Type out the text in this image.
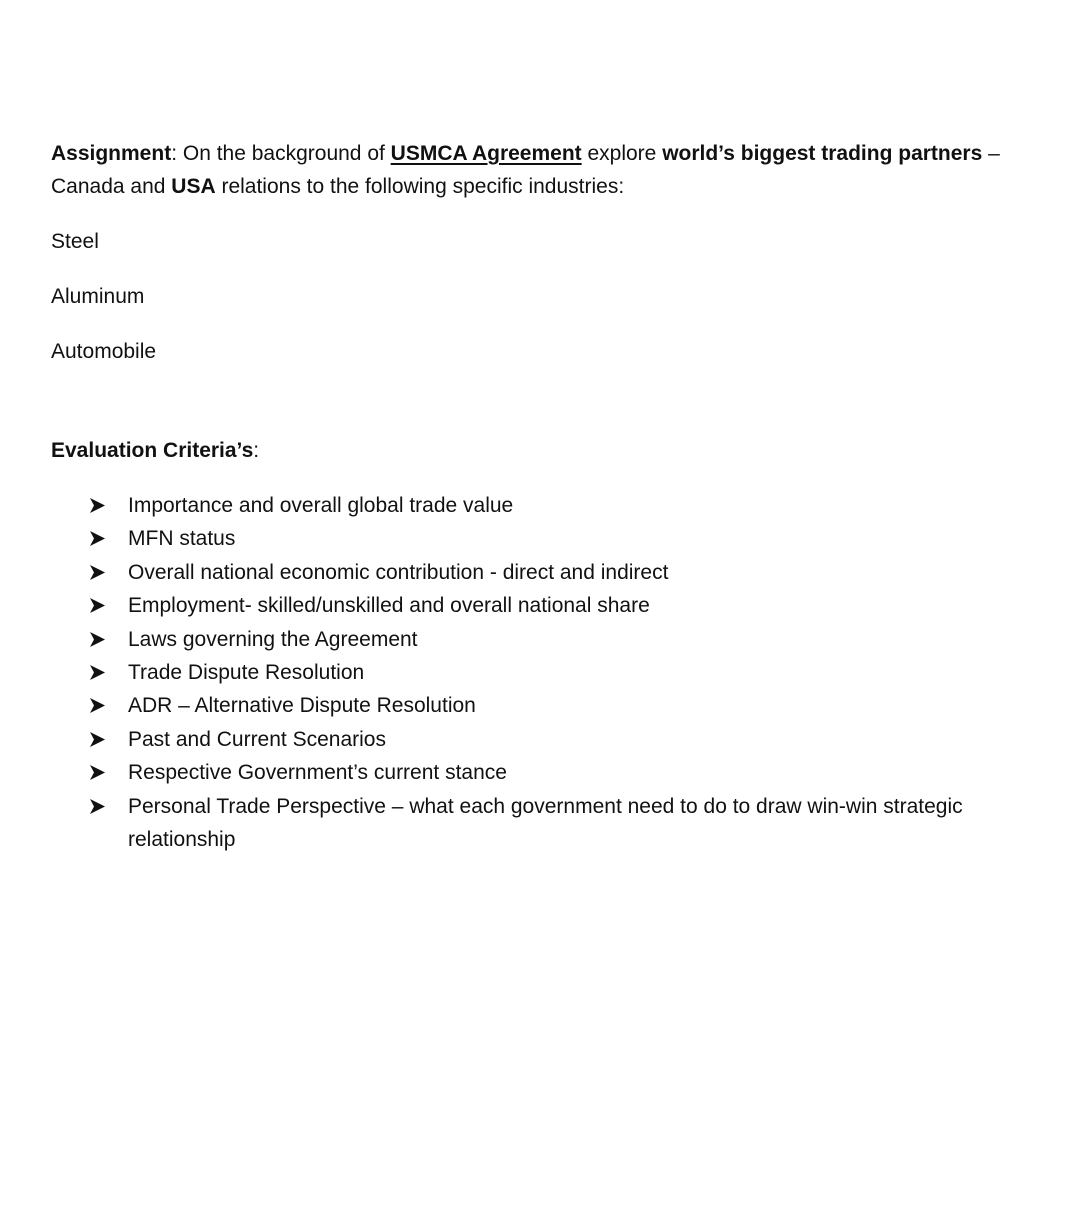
Assignment: On the background of USMCA Agreement explore world’s biggest trading partners – Canada and USA relations to the following specific industries:

Steel

Aluminum

Automobile

Evaluation Criteria’s:

Importance and overall global trade value
MFN status
Overall national economic contribution - direct and indirect
Employment- skilled/unskilled and overall national share
Laws governing the Agreement
Trade Dispute Resolution
ADR – Alternative Dispute Resolution
Past and Current Scenarios
Respective Government’s current stance
Personal Trade Perspective – what each government need to do to draw win-win strategic relationship
